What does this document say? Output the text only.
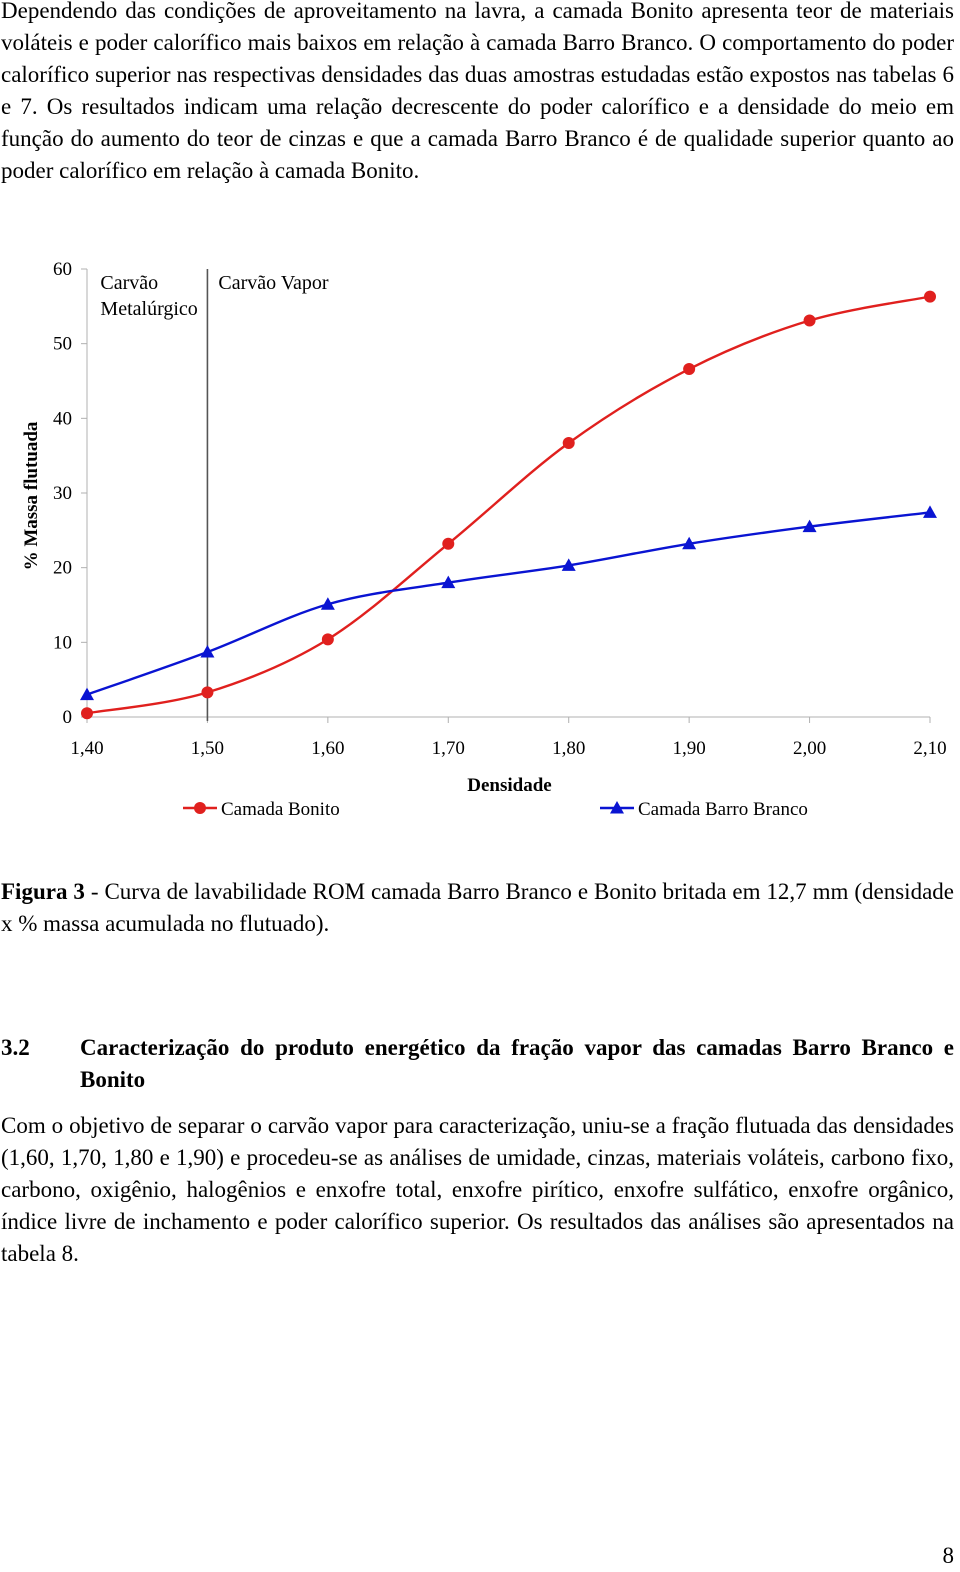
Dependendo das condições de aproveitamento na lavra, a camada Bonito apresenta teor de materiais voláteis e poder calorífico mais baixos em relação à camada Barro Branco. O comportamento do poder calorífico superior nas respectivas densidades das duas amostras estudadas estão expostos nas tabelas 6 e 7. Os resultados indicam uma relação decrescente do poder calorífico e a densidade do meio em função do aumento do teor de cinzas e que a camada Barro Branco é de qualidade superior quanto ao poder calorífico em relação à camada Bonito.

0
10
20
30
40
50
60
1,40	1,50	1,60	1,70	1,80	1,90	2,00	2,10
Densidade
% Massa flutuada
Carvão
Metalúrgico
Carvão Vapor
Camada Bonito	Camada Barro Branco

Figura 3 - Curva de lavabilidade ROM camada Barro Branco e Bonito britada em 12,7 mm (densidade x % massa acumulada no flutuado).

3.2	Caracterização do produto energético da fração vapor das camadas Barro Branco e Bonito

Com o objetivo de separar o carvão vapor para caracterização, uniu-se a fração flutuada das densidades (1,60, 1,70, 1,80 e 1,90) e procedeu-se as análises de umidade, cinzas, materiais voláteis, carbono fixo, carbono, oxigênio, halogênios e enxofre total, enxofre pirítico, enxofre sulfático, enxofre orgânico, índice livre de inchamento e poder calorífico superior. Os resultados das análises são apresentados na tabela 8.

8
